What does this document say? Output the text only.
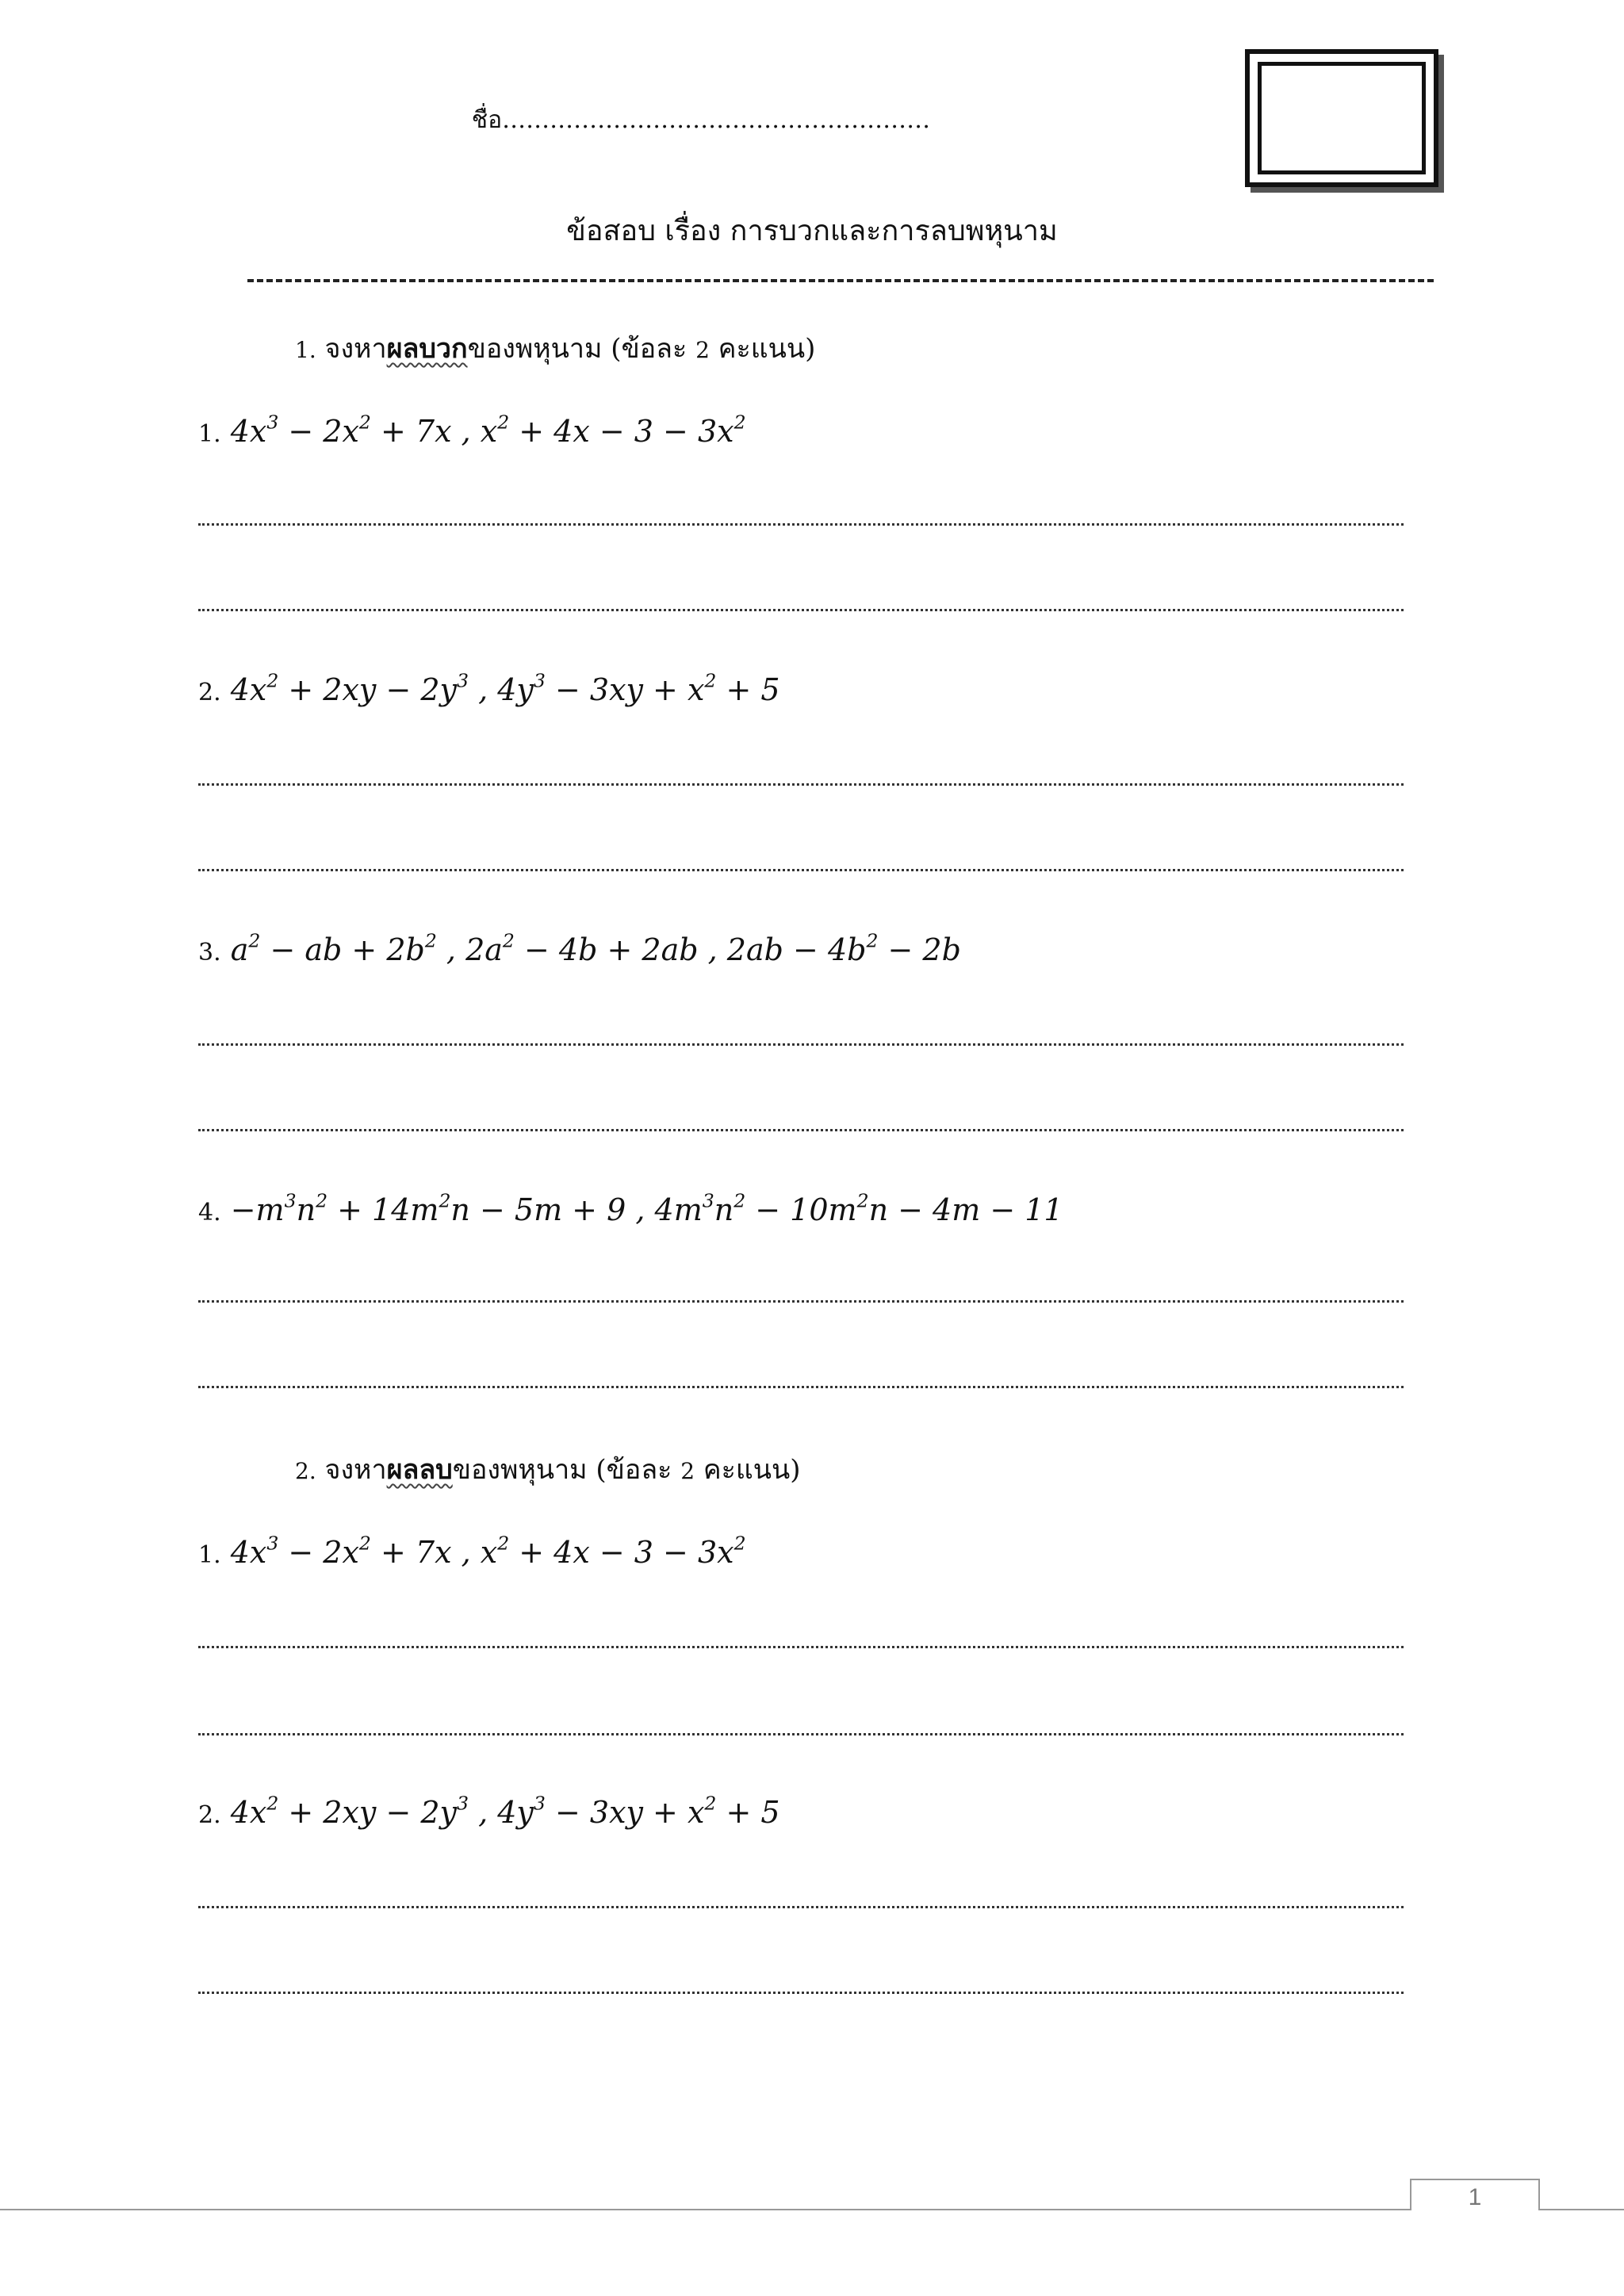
ชื่อ………………………………………………
ข้อสอบ เรื่อง การบวกและการลบพหุนาม
1. จงหาผลบวกของพหุนาม (ข้อละ 2 คะแนน)
1. $4x^3 - 2x^2 + 7x$ , $x^2 + 4x - 3 - 3x^2$
2. $4x^2 + 2xy - 2y^3$ , $4y^3 - 3xy + x^2 + 5$
3. $a^2$ − ab + $2b^2$ , $2a^2 - 4b + 2ab$ , $2ab - 4b^2 - 2b$
4. $-m^3n^2 + 14m^2n - 5m + 9$ , $4m^3n^2 - 10m^2n - 4m - 11$
2. จงหาผลลบของพหุนาม (ข้อละ 2 คะแนน)
1. $4x^3 - 2x^2 + 7x$ , $x^2 + 4x - 3 - 3x^2$
2. $4x^2 + 2xy - 2y^3$ , $4y^3 - 3xy + x^2 + 5$
1
